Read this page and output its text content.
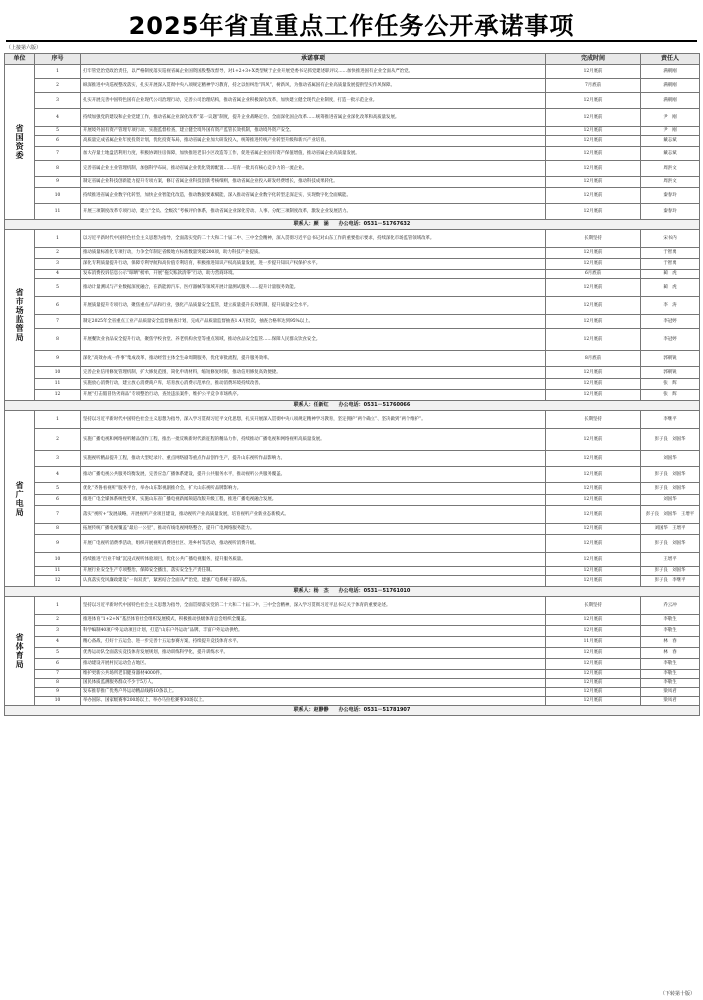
2025年省直重点工作任务公开承诺事项
（上接第六版）
单位	序号	承诺事项	完成时间	责任人
省国资委	1	打牢管党治党政治责任，以严格制度落实巡视省属企业国资国股整改督导，对1+2+3+X类型统于企业开展党委书记抓党建述职评议……加快推进国有企业全面从严治党。	12月底前	满朝刚
	2	纵深推进中央巡视整改落实，扎实开展深入贯彻中央八项规定精神学习教育，持之以恒纠治“四风”，树新风，为推动省属国有企业高质量发展提供坚实作风保障。	7月底前	满朝刚
	3	扎实开展完善中国特色国有企业现代公司治理行动，完善公司治理结构，推动省属企业积极深化改革，加快建立健全现代企业制度，打造一批示范企业。	12月底前	满朝刚
	4	持续加强党的建设和企业党建工作，推动省属企业深化改革“第一议题”制度，提升企业战略定位、全面深化国企改革……统筹推进省属企业深化改革和高质量发展。	12月底前	尹　刚
	5	开展境外国有资产管理专项行动，实施监督检查，建立健全境外国有资产监管长效机制，推动境外资产安全。	12月底前	尹　刚
	6	高质量完成省属企业年度投资计划，优化投资布局，推动省属企业加大研发投入，统筹推进传统产业转型升级和新兴产业培育。	12月底前	戴志斌
	7	加大存量土地盘活利用力度，积极协调住房保障，加快推进老旧小区改造等工作，促进省属企业国有资产保值增值，推动省属企业高质量发展。	12月底前	戴志斌
	8	完善省属企业主业管理机制，加强科学布局，推动省属企业优化资源配置……培育一批具有核心竞争力的一流企业。	12月底前	周洪文
	9	制定省属企业科技创新能力提升专项方案，修订省属企业科技创新考核细则，推动省属企业投入研发经费增长，推动科技成果转化。	12月底前	周洪文
	10	持续推进省属企业数字化转型，加快企业智能化改造，推动数据要素赋能，深入推动省属企业数字化转型走深走实，实现数字化全面赋能。	12月底前	秦春玲
	11	开展三项制度改革专项行动，建立“全员、全级次”考核评价体系，推动省属企业深化劳动、人事、分配三项制度改革，激发企业发展活力。	12月底前	秦春玲
联系人：颜　涵　　办公电话：0531－51767632				
省市场监管局	1	以习近平新时代中国特色社会主义思想为指导，全面落实党的二十大和二十届二中、三中全会精神，深入贯彻习近平总书记对山东工作的重要指示要求，持续深化市场监管领域改革。	长期坚持	宋书内
	2	推动质量标准化专项行动，力争全年制定省级地方标准数量突破200项，助力科技产业提质。	12月底前	于智勇
	3	深化专利质量提升行动，保障专利导航和高价值专利培育，积极推进知识产权高质量发展，进一步提升知识产权保护水平。	12月底前	于智勇
	4	发布消费投诉信息公示“晾晒”榜单，开展“拖欠账款清零”行动，助力营商环境。	6月底前	蔺　虎
	5	推动计量测试与产业数据深度融合，在新能源汽车、医疗器械等领域开展计量测试服务……提升计量服务效能。	12月底前	蔺　虎
	6	开展质量提升专项行动，聚焦重点产品和行业，强化产品质量安全监管，建立质量提升长效机制，提升质量安全水平。	12月底前	李　涛
	7	制定2025年全省重点工业产品质量安全监督抽查计划，完成产品质量监督抽查1.4万批次，抽查合格率达到95%以上。	12月底前	李冠婷
	8	开展餐饮业食品安全提升行动，聚焦学校食堂、养老机构食堂等重点领域，推动食品安全监管……保障人民群众饮食安全。	12月底前	李冠婷
	9	深化“高效办成一件事”集成改革，推动经营主体全生命周期服务，优化审批流程，提升服务效率。	8月底前	郭朝锐
	10	完善企业信用修复管理机制，扩大修复范围，简化申请材料，缩短修复时限，推动信用修复高效便捷。	12月底前	郭朝锐
	11	实施放心消费行动，建立放心消费商户库，培育放心消费示范单位，推动消费环境持续改善。	12月底前	张　辉
	12	开展“打击假冒伪劣商品”专项整治行动，查处违法案件，维护公平竞争市场秩序。	12月底前	张　辉
联系人：任新红　　办公电话：0531－51760066				
省广电局	1	坚持以习近平新时代中国特色社会主义思想为指导，深入学习贯彻习近平文化思想，扎实开展深入贯彻中央八项规定精神学习教育，坚定拥护“两个确立”、坚决做到“两个维护”。	长期坚持	李继平
	2	实施广播电视和网络视听精品创作工程，推出一批反映新时代新征程的精品力作，持续推动广播电视和网络视听高质量发展。	12月底前	彭子良　刘国华
	3	实施视听精品提升工程，推动大型纪录片、重点网络剧等重点作品创作生产，提升山东视听作品影响力。	12月底前	刘国华
	4	推动广播电视公共服务均衡发展，完善应急广播体系建设，提升公共服务水平，推动视听公共服务覆盖。	12月底前	彭子良　刘国华
	5	优化“齐鲁看视听”服务平台，举办山东影视剧推介会，扩大山东视听品牌影响力。	12月底前	彭子良　刘国华
	6	推进广电全媒体系统性变革，实施山东省广播电视新闻频道改版升级工程，推进广播电视融合发展。	12月底前	刘国华
	7	落实“视听+”发展战略，开展视听产业项目建设，推动视听产业高质量发展，培育视听产业新业态新模式。	12月底前	彭子良　刘国华　王增平
	8	拓展传统广播电视覆盖“最后一公里”，推动有线电视网络整合，提升广电网络服务能力。	12月底前	刘国华　王增平
	9	开展广电视听消费季活动，组织开展视听消费进社区、进乡村等活动，推动视听消费升级。	12月底前	彭子良　刘国华
	10	持续推进“百业千城”沉浸式视听体验项目，优化公共广播电视服务，提升服务质量。	12月底前	王增平
	11	开展行业安全生产专项整治，保障安全播出，落实安全生产责任制。	12月底前	彭子良　刘国华
	12	认真落实党风廉政建设“一岗双责”，紧密结合全面从严治党，建强广电系统干部队伍。	12月底前	彭子良　李继平
联系人：杨　杰　　办公电话：0531－51761010				
省体育局	1	坚持以习近平新时代中国特色社会主义思想为指导，全面贯彻落实党的二十大和二十届二中、三中全会精神，深入学习贯彻习近平总书记关于体育的重要论述。	长期坚持	乔云冲
	2	推进体育“1+2+N”基层体育社会组织发展模式，积极推动县级体育总会组织全覆盖。	12月底前	李敬生
	3	科学编制40项户外运动项目计划，打造“山东户外运动”品牌，丰富户外运动供给。	12月底前	李敬生
	4	精心备战，打好十五运会、进一步完善十五运参赛方案，持续提升竞技体育水平。	11月底前	林　春
	5	优秀运动队全面落实竞技体育发展规划，推动训练科学化，提升训练水平。	12月底前	林　春
	6	推动建设开展村民运动会占地区。	12月底前	李敬生
	7	维护更新公共场所老旧健身器材4000件。	12月底前	李敬生
	8	国民体质监测服务群众不少于5万人。	12月底前	李敬生
	9	发布推荐推广优秀户外运动精品线路10条以上。	12月底前	梁凤君
	10	举办国际、国家级赛事200场以上、举办马拉松赛事30场以上。	12月底前	梁凤君
联系人：赵静静　　办公电话：0531－51781907				
（下转第十版）
